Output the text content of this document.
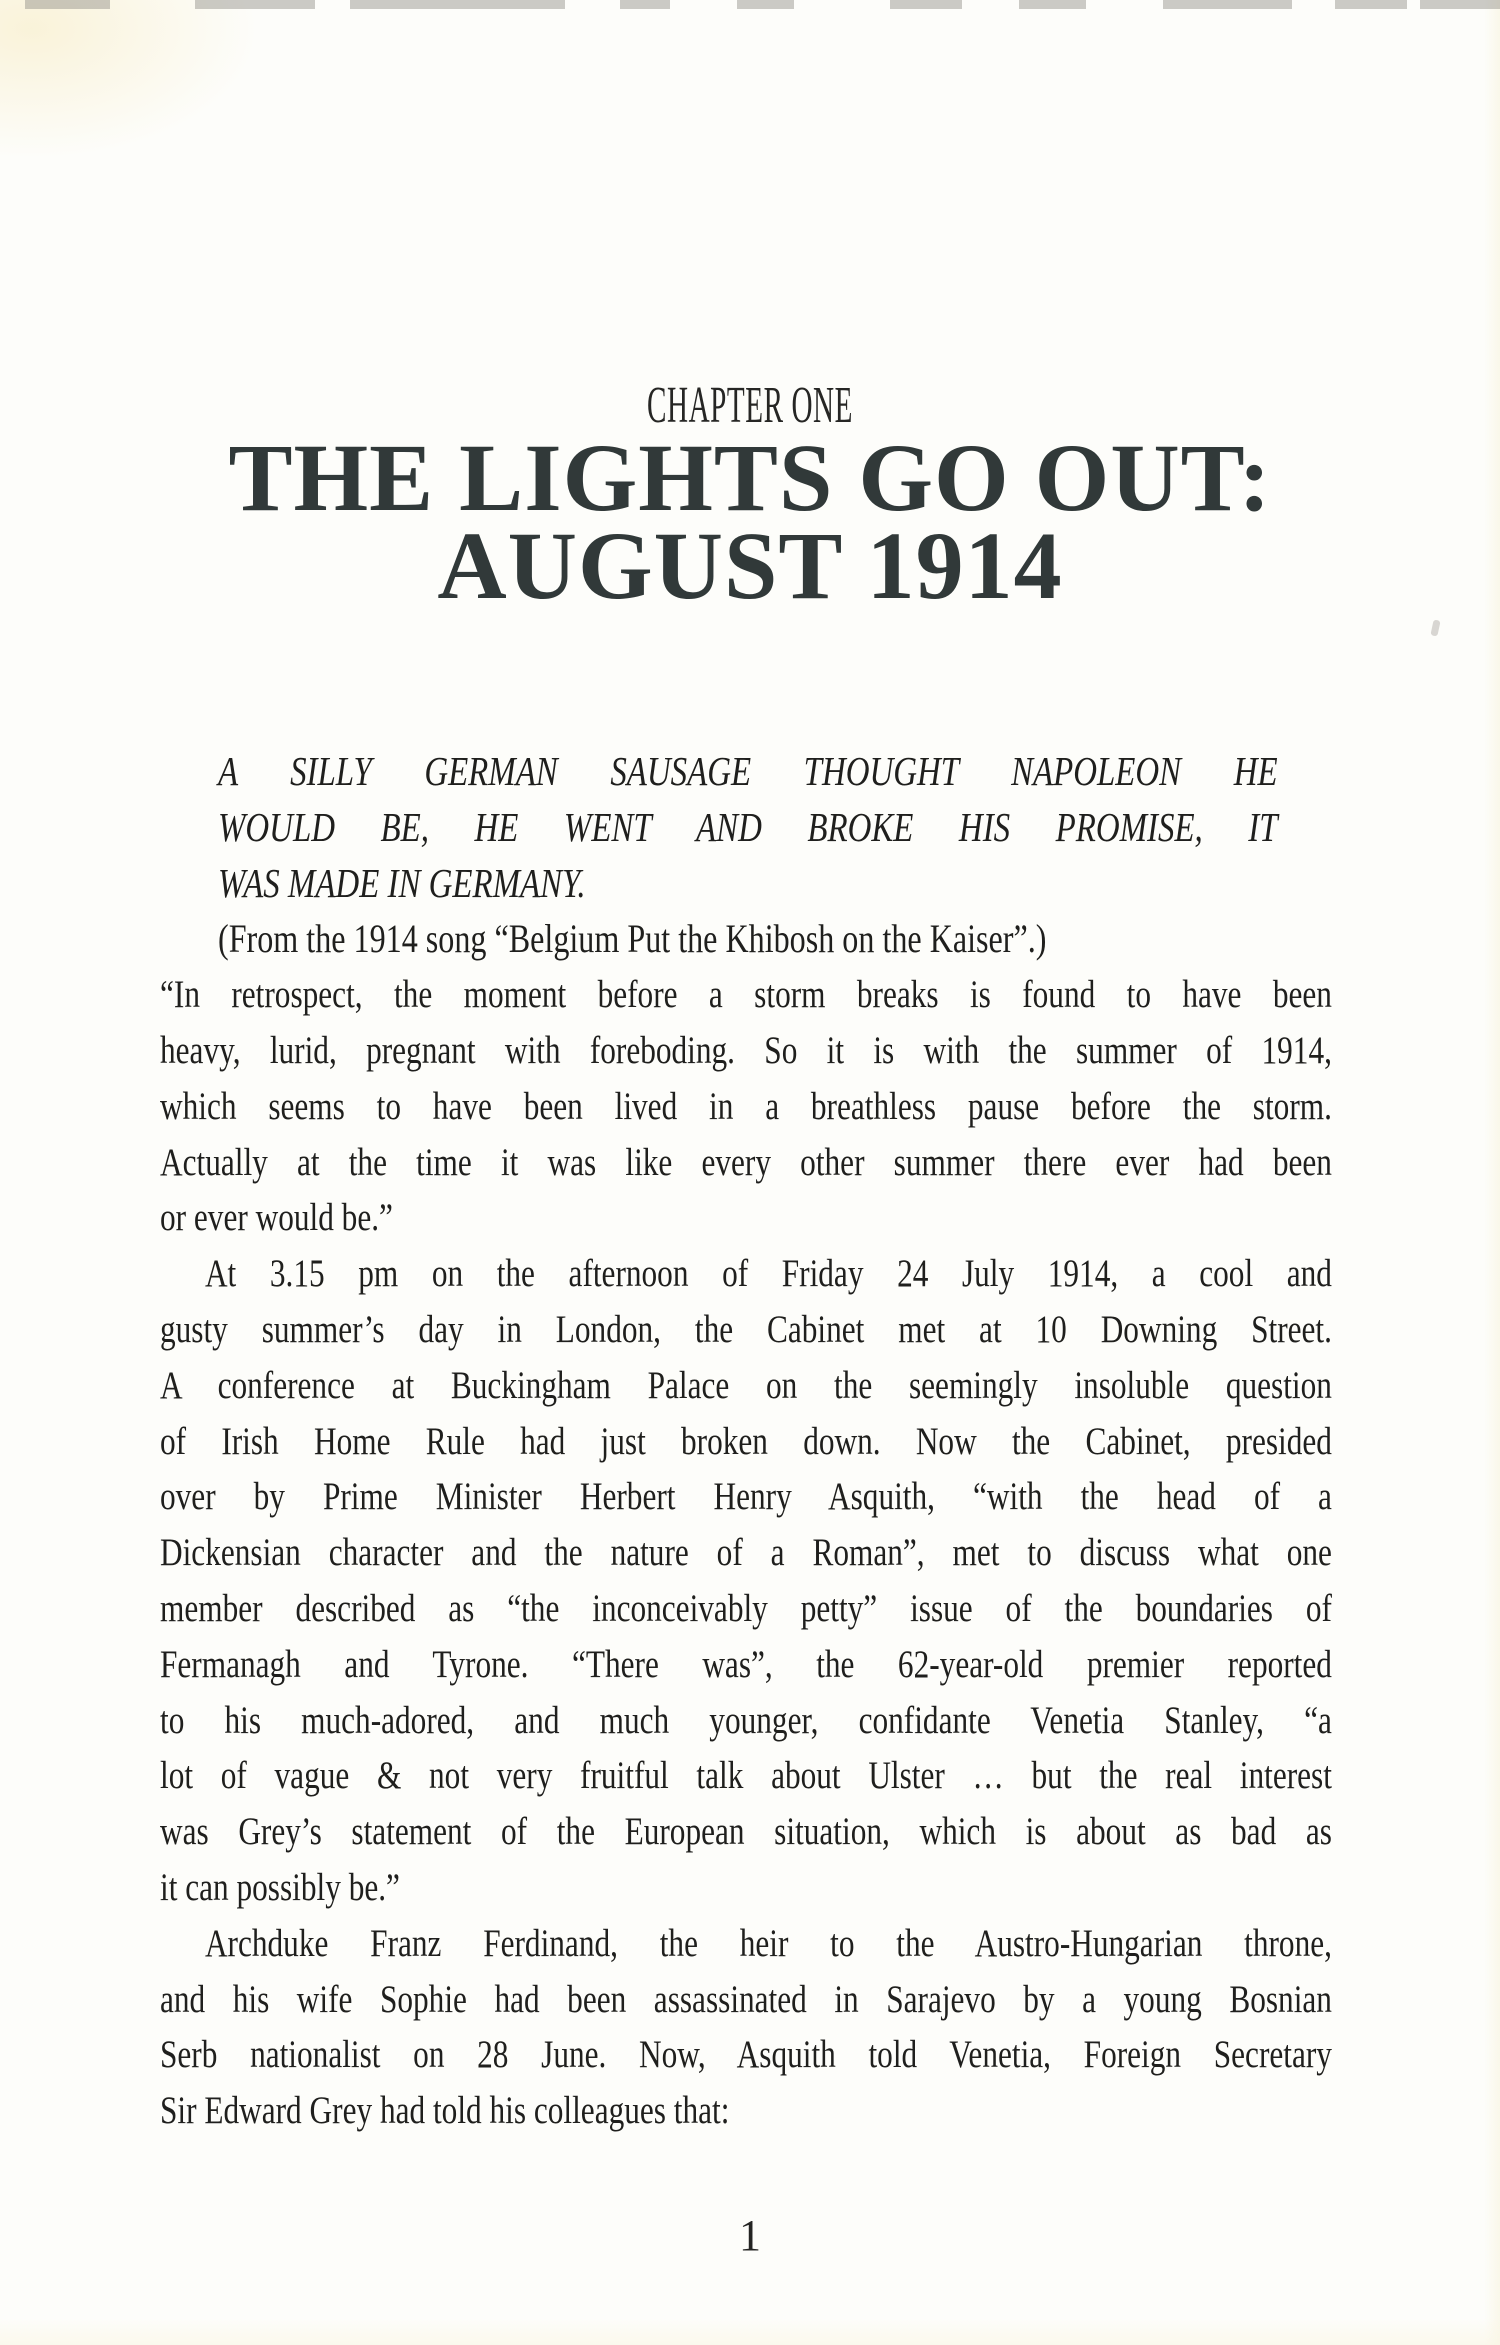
CHAPTER ONE
THE LIGHTS GO OUT:
AUGUST 1914
A SILLY GERMAN SAUSAGE THOUGHT NAPOLEON HE
WOULD BE, HE WENT AND BROKE HIS PROMISE, IT
WAS MADE IN GERMANY.
(From the 1914 song “Belgium Put the Khibosh on the Kaiser”.)
“In retrospect, the moment before a storm breaks is found to have been
heavy, lurid, pregnant with foreboding. So it is with the summer of 1914,
which seems to have been lived in a breathless pause before the storm.
Actually at the time it was like every other summer there ever had been
or ever would be.”
At 3.15 pm on the afternoon of Friday 24 July 1914, a cool and
gusty summer’s day in London, the Cabinet met at 10 Downing Street.
A conference at Buckingham Palace on the seemingly insoluble question
of Irish Home Rule had just broken down. Now the Cabinet, presided
over by Prime Minister Herbert Henry Asquith, “with the head of a
Dickensian character and the nature of a Roman”, met to discuss what one
member described as “the inconceivably petty” issue of the boundaries of
Fermanagh and Tyrone. “There was”, the 62-year-old premier reported
to his much-adored, and much younger, confidante Venetia Stanley, “a
lot of vague & not very fruitful talk about Ulster … but the real interest
was Grey’s statement of the European situation, which is about as bad as
it can possibly be.”
Archduke Franz Ferdinand, the heir to the Austro-Hungarian throne,
and his wife Sophie had been assassinated in Sarajevo by a young Bosnian
Serb nationalist on 28 June. Now, Asquith told Venetia, Foreign Secretary
Sir Edward Grey had told his colleagues that:
1
